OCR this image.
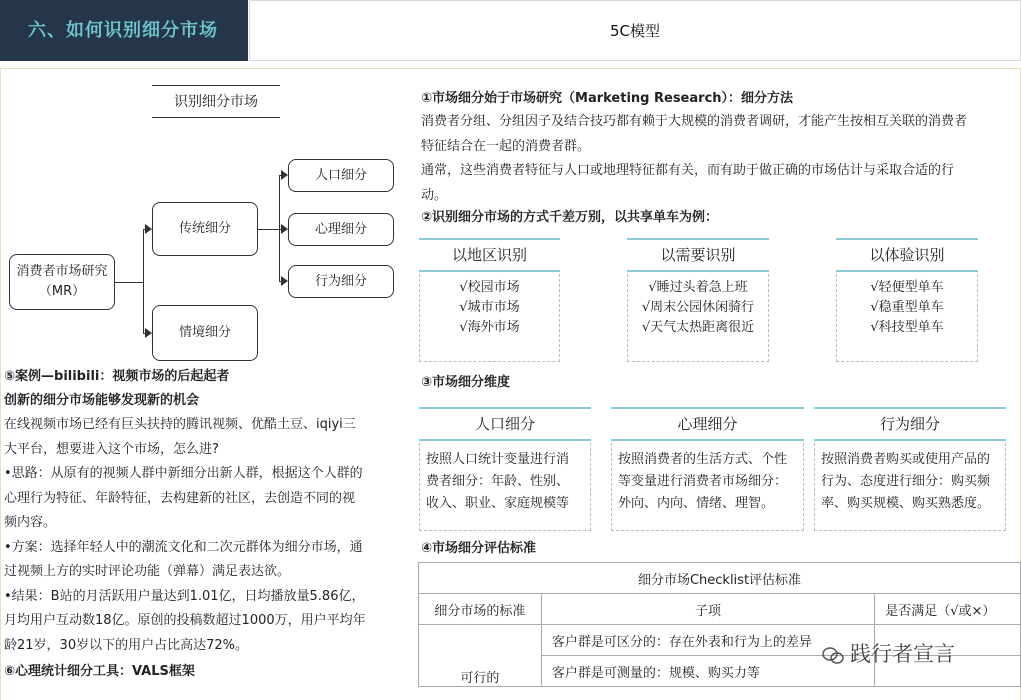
六、如何识别细分市场	5C模型
识别细分市场
消费者市场研究
（MR）
传统细分
情境细分
人口细分
心理细分
行为细分
⑤案例—bilibili：视频市场的后起起者
创新的细分市场能够发现新的机会
在线视频市场已经有巨头扶持的腾讯视频、优酷土豆、iqiyi三
大平台，想要进入这个市场，怎么进?
•思路：从原有的视频人群中新细分出新人群，根据这个人群的
心理行为特征、年龄特征，去构建新的社区，去创造不同的视
频内容。
•方案：选择年轻人中的潮流文化和二次元群体为细分市场，通
过视频上方的实时评论功能（弹幕）满足表达欲。
•结果：B站的月活跃用户量达到1.01亿，日均播放量5.86亿，
月均用户互动数18亿。原创的投稿数超过1000万，用户平均年
龄21岁，30岁以下的用户占比高达72%。
⑥心理统计细分工具：VALS框架
①市场细分始于市场研究（Marketing Research）：细分方法
消费者分组、分组因子及结合技巧都有赖于大规模的消费者调研，才能产生按相互关联的消费者
特征结合在一起的消费者群。
通常，这些消费者特征与人口或地理特征都有关，而有助于做正确的市场估计与采取合适的行
动。
②识别细分市场的方式千差万别，以共享单车为例：
以地区识别
√校园市场
√城市市场
√海外市场
以需要识别
√睡过头着急上班
√周末公园休闲骑行
√天气太热距离很近
以体验识别
√轻便型单车
√稳重型单车
√科技型单车
③市场细分维度
人口细分
按照人口统计变量进行消
费者细分：年龄、性别、
收入、职业、家庭规模等
心理细分
按照消费者的生活方式、个性
等变量进行消费者市场细分：
外向、内向、情绪、理智。
行为细分
按照消费者购买或使用产品的
行为、态度进行细分：购买频
率、购买规模、购买熟悉度。
④市场细分评估标准
细分市场Checklist评估标准		
细分市场的标准	子项	是否满足（√或×）
可行的	客户群是可区分的：存在外表和行为上的差异	
	客户群是可测量的：规模、购买力等	
践行者宣言
